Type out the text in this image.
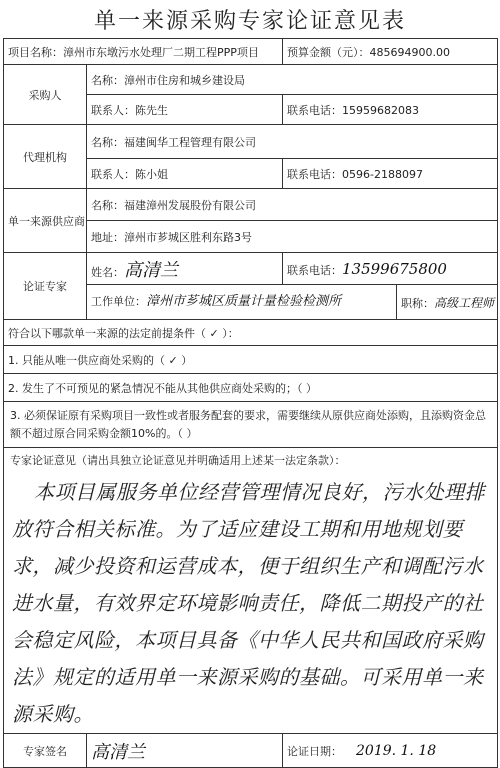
单一来源采购专家论证意见表
项目名称：漳州市东墩污水处理厂二期工程PPP项目		预算金额（元）：485694900.00
采购人	名称：漳州市住房和城乡建设局	
	联系人：陈先生	联系电话：15959682083
代理机构	名称：福建闽华工程管理有限公司	
	联系人：陈小姐	联系电话：0596-2188097
单一来源供应商	名称：福建漳州发展股份有限公司	
	地址：漳州市芗城区胜利东路3号	
论证专家	姓名：高清兰	联系电话：13599675800

	工作单位：漳州市芗城区质量计量检验检测所 职称：高级工程师	

符合以下哪款单一来源的法定前提条件（ ✓ ）：		
1. 只能从唯一供应商处采购的（ ✓ ）		
2. 发生了不可预见的紧急情况不能从其他供应商处采购的；（ ）		
3. 必须保证原有采购项目一致性或者服务配套的要求，需要继续从原供应商处添购，且添购资金总额不超过原合同采购金额10%的。（ ）		

专家论证意见（请出具独立论证意见并明确适用上述某一法定条款）：
本项目属服务单位经营管理情况良好，污水处理排放符合相关标准。为了适应建设工期和用地规划要求，减少投资和运营成本，便于组织生产和调配污水进水量，有效界定环境影响责任，降低二期投产的社会稳定风险，本项目具备《中华人民共和国政府采购法》规定的适用单一来源采购的基础。可采用单一来源采购。		

专家签名	高清兰	论证日期： 2019. 1. 18
